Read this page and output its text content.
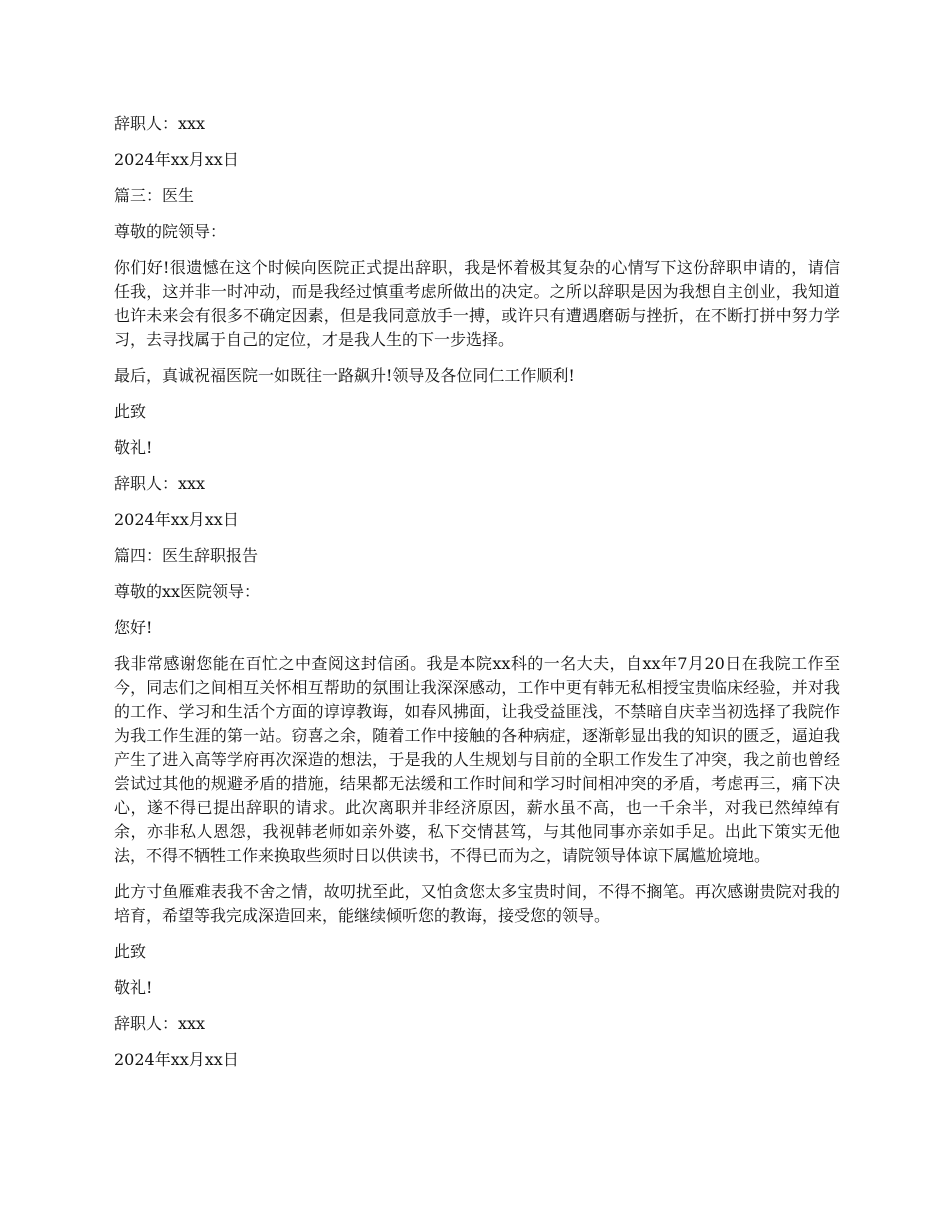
辞职人：xxx

2024年xx月xx日

篇三：医生

尊敬的院领导：

你们好!很遗憾在这个时候向医院正式提出辞职，我是怀着极其复杂的心情写下这份辞职申请的，请信任我，这并非一时冲动，而是我经过慎重考虑所做出的决定。之所以辞职是因为我想自主创业，我知道也许未来会有很多不确定因素，但是我同意放手一搏，或许只有遭遇磨砺与挫折，在不断打拼中努力学习，去寻找属于自己的定位，才是我人生的下一步选择。

最后，真诚祝福医院一如既往一路飙升!领导及各位同仁工作顺利!

此致

敬礼!

辞职人：xxx

2024年xx月xx日

篇四：医生辞职报告

尊敬的xx医院领导：

您好!

我非常感谢您能在百忙之中查阅这封信函。我是本院xx科的一名大夫，自xx年7月20日在我院工作至今，同志们之间相互关怀相互帮助的氛围让我深深感动，工作中更有韩无私相授宝贵临床经验，并对我的工作、学习和生活个方面的谆谆教诲，如春风拂面，让我受益匪浅，不禁暗自庆幸当初选择了我院作为我工作生涯的第一站。窃喜之余，随着工作中接触的各种病症，逐渐彰显出我的知识的匮乏，逼迫我产生了进入高等学府再次深造的想法，于是我的人生规划与目前的全职工作发生了冲突，我之前也曾经尝试过其他的规避矛盾的措施，结果都无法缓和工作时间和学习时间相冲突的矛盾，考虑再三，痛下决心，遂不得已提出辞职的请求。此次离职并非经济原因，薪水虽不高，也一千余半，对我已然绰绰有余，亦非私人恩怨，我视韩老师如亲外婆，私下交情甚笃，与其他同事亦亲如手足。出此下策实无他法，不得不牺牲工作来换取些须时日以供读书，不得已而为之，请院领导体谅下属尴尬境地。

此方寸鱼雁难表我不舍之情，故叨扰至此，又怕贪您太多宝贵时间，不得不搁笔。再次感谢贵院对我的培育，希望等我完成深造回来，能继续倾听您的教诲，接受您的领导。

此致

敬礼!

辞职人：xxx

2024年xx月xx日
